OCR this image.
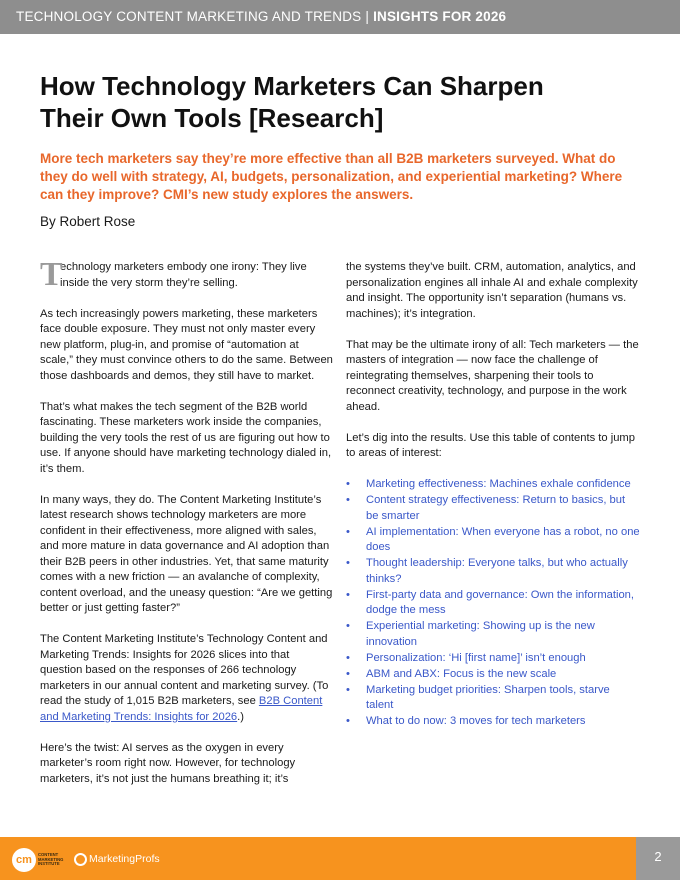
TECHNOLOGY CONTENT MARKETING AND TRENDS | INSIGHTS FOR 2026
How Technology Marketers Can Sharpen Their Own Tools [Research]

More tech marketers say they’re more effective than all B2B marketers surveyed. What do they do well with strategy, AI, budgets, personalization, and experiential marketing? Where can they improve? CMI’s new study explores the answers.

By Robert Rose

T
echnology marketers embody one irony: They live inside the very storm they’re selling.

As tech increasingly powers marketing, these marketers face double exposure. They must not only master every new platform, plug-in, and promise of “automation at scale,” they must convince others to do the same. Between those dashboards and demos, they still have to market.

That’s what makes the tech segment of the B2B world fascinating. These marketers work inside the companies, building the very tools the rest of us are figuring out how to use. If anyone should have marketing technology dialed in, it’s them.

In many ways, they do. The Content Marketing Institute’s latest research shows technology marketers are more confident in their effectiveness, more aligned with sales, and more mature in data governance and AI adoption than their B2B peers in other industries. Yet, that same maturity comes with a new friction — an avalanche of complexity, content overload, and the uneasy question: “Are we getting better or just getting faster?”

The Content Marketing Institute’s Technology Content and Marketing Trends: Insights for 2026 slices into that question based on the responses of 266 technology marketers in our annual content and marketing survey. (To read the study of 1,015 B2B marketers, see B2B Content and Marketing Trends: Insights for 2026.)

Here’s the twist: AI serves as the oxygen in every marketer’s room right now. However, for technology marketers, it’s not just the humans breathing it; it’s

the systems they’ve built. CRM, automation, analytics, and personalization engines all inhale AI and exhale complexity and insight. The opportunity isn’t separation (humans vs. machines); it’s integration.

That may be the ultimate irony of all: Tech marketers — the masters of integration — now face the challenge of reintegrating themselves, sharpening their tools to reconnect creativity, technology, and purpose in the work ahead.

Let’s dig into the results. Use this table of contents to jump to areas of interest:

• Marketing effectiveness: Machines exhale confidence
• Content strategy effectiveness: Return to basics, but be smarter
• AI implementation: When everyone has a robot, no one does
• Thought leadership: Everyone talks, but who actually thinks?
• First-party data and governance: Own the information, dodge the mess
• Experiential marketing: Showing up is the new innovation
• Personalization: ‘Hi [first name]’ isn’t enough
• ABM and ABX: Focus is the new scale
• Marketing budget priorities: Sharpen tools, starve talent
• What to do now: 3 moves for tech marketers
cm	CONTENT MARKETING INSTITUTE	MarketingProfs	2
